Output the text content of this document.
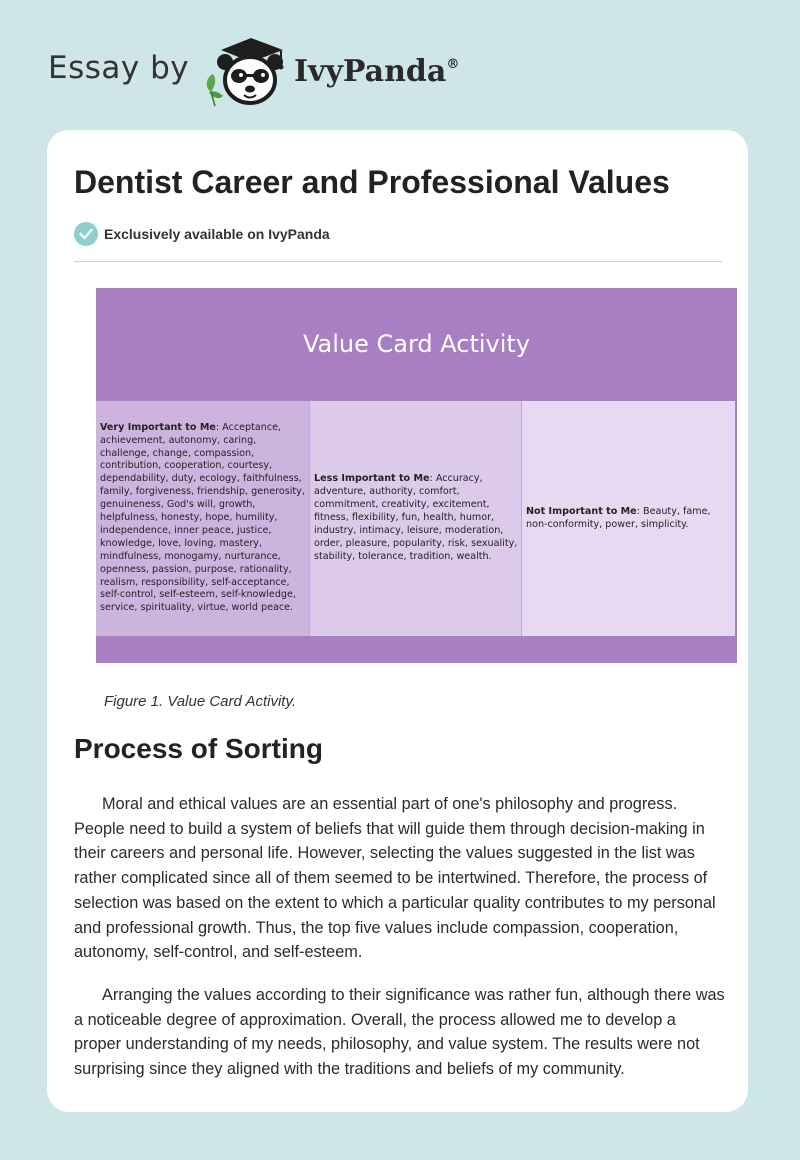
Essay by	IvyPanda®
Dentist Career and Professional Values
Exclusively available on IvyPanda
Value Card Activity
Very Important to Me: Acceptance, achievement, autonomy, caring, challenge, change, compassion, contribution, cooperation, courtesy, dependability, duty, ecology, faithfulness, family, forgiveness, friendship, generosity, genuineness, God's will, growth, helpfulness, honesty, hope, humility, independence, inner peace, justice, knowledge, love, loving, mastery, mindfulness, monogamy, nurturance, openness, passion, purpose, rationality, realism, responsibility, self-acceptance, self-control, self-esteem, self-knowledge, service, spirituality, virtue, world peace.
Less Important to Me: Accuracy, adventure, authority, comfort, commitment, creativity, excitement, fitness, flexibility, fun, health, humor, industry, intimacy, leisure, moderation, order, pleasure, popularity, risk, sexuality, stability, tolerance, tradition, wealth.
Not Important to Me: Beauty, fame, non-conformity, power, simplicity.

Figure 1. Value Card Activity.

Process of Sorting

Moral and ethical values are an essential part of one's philosophy and progress. People need to build a system of beliefs that will guide them through decision-making in their careers and personal life. However, selecting the values suggested in the list was rather complicated since all of them seemed to be intertwined. Therefore, the process of selection was based on the extent to which a particular quality contributes to my personal and professional growth. Thus, the top five values include compassion, cooperation, autonomy, self-control, and self-esteem.

Arranging the values according to their significance was rather fun, although there was a noticeable degree of approximation. Overall, the process allowed me to develop a proper understanding of my needs, philosophy, and value system. The results were not surprising since they aligned with the traditions and beliefs of my community.
